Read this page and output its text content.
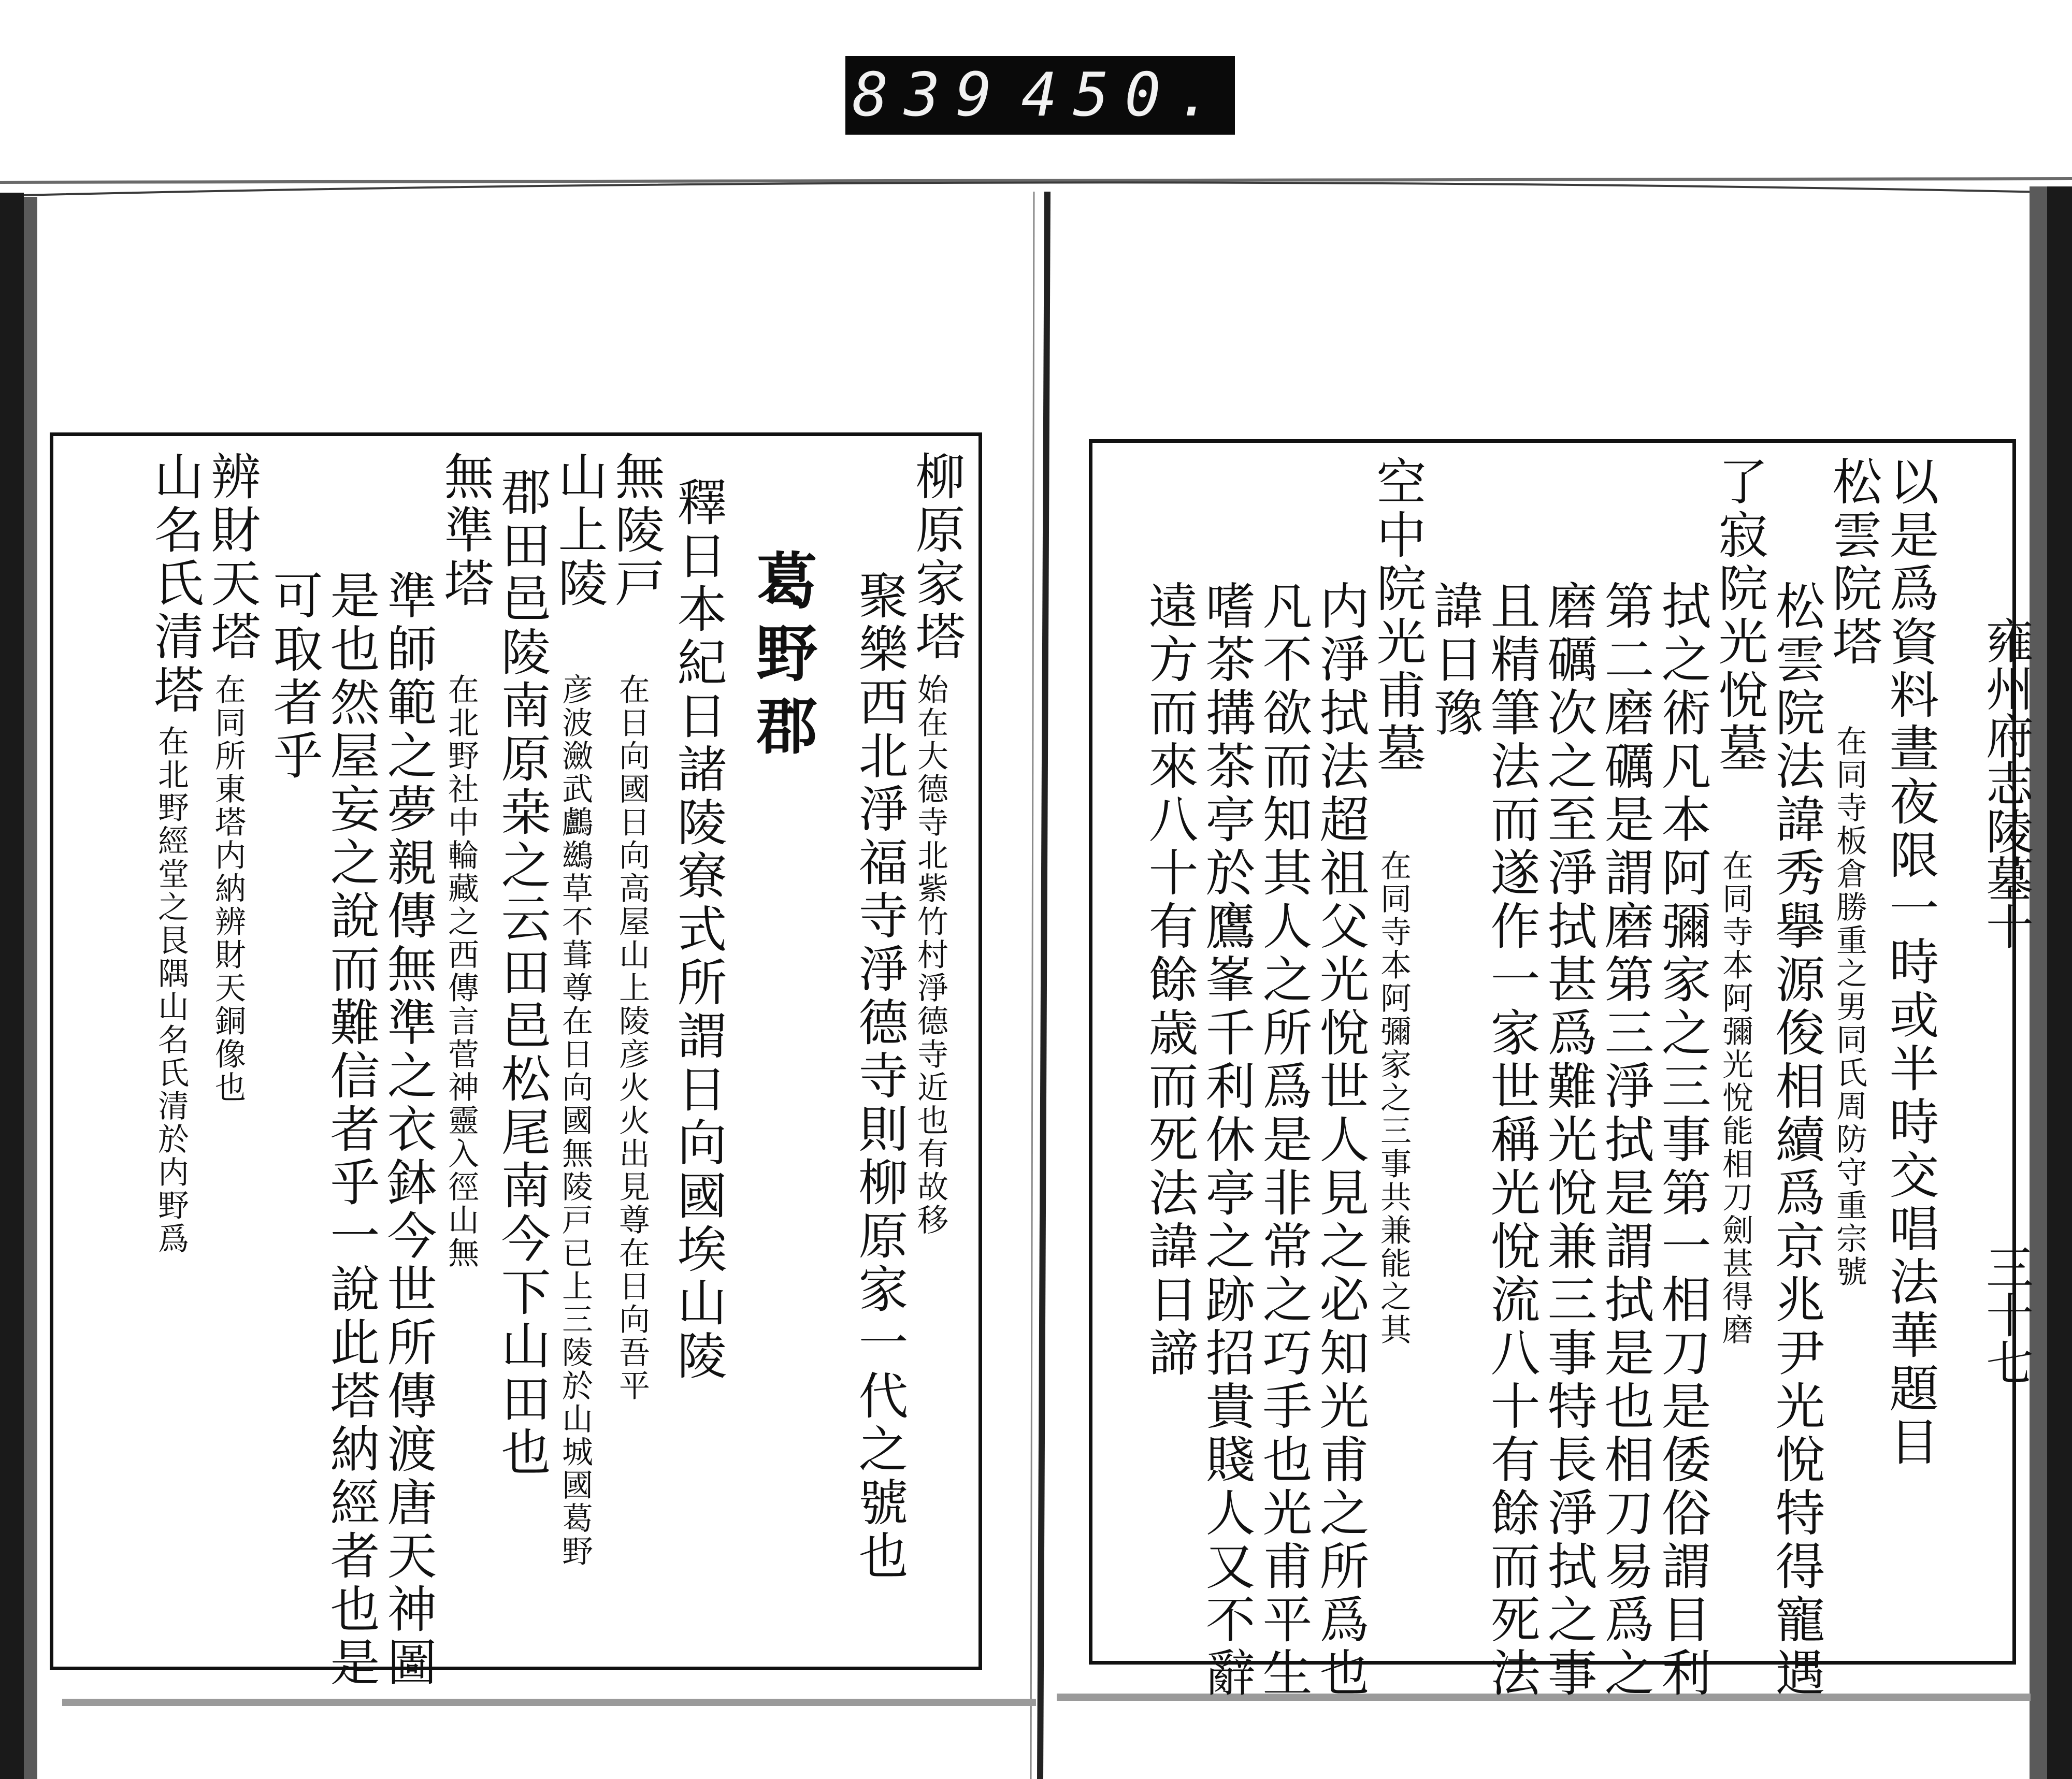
839 450.
雍州府志陵墓十
三十七
以是爲資料晝夜限一時或半時交唱法華題目
松雲院塔
在同寺板倉勝重之男同氏周防守重宗號
松雲院法諱秀擧源俊相續爲京兆尹光悅特得寵遇
了寂院光悅墓
在同寺本阿彌光悅能相刀劍甚得磨
拭之術凡本阿彌家之三事第一相刀是倭俗謂目利
第二磨礪是謂磨第三淨拭是謂拭是也相刀易爲之
磨礪次之至淨拭甚爲難光悅兼三事特長淨拭之事
且精筆法而遂作一家世稱光悅流八十有餘而死法
諱日豫
空中院光甫墓
在同寺本阿彌家之三事共兼能之其
内淨拭法超祖父光悅世人見之必知光甫之所爲也
凡不欲而知其人之所爲是非常之巧手也光甫平生
嗜茶搆茶亭於鷹峯千利休亭之跡招貴賤人又不辭
遠方而來八十有餘歳而死法諱日諦
柳原家塔
始在大德寺北紫竹村淨德寺近也有故移
聚樂西北淨福寺淨德寺則柳原家一代之號也
葛野郡
釋日本紀日諸陵寮式所謂日向國埃山陵
無陵戸
在日向國日向高屋山上陵彦火火出見尊在日向吾平
山上陵
彦波瀲武鸕鷀草不葺尊在日向國無陵戸已上三陵於山城國葛野
郡田邑陵南原桒之云田邑松尾南今下山田也
無準塔
在北野社中輪藏之西傳言菅神靈入徑山無
準師範之夢親傳無準之衣鉢今世所傳渡唐天神圖
是也然屋妄之說而難信者乎一說此塔納經者也是
可取者乎
辨財天塔
在同所東塔内納辨財天銅像也
山名氏清塔
在北野經堂之艮隅山名氏清於内野爲
